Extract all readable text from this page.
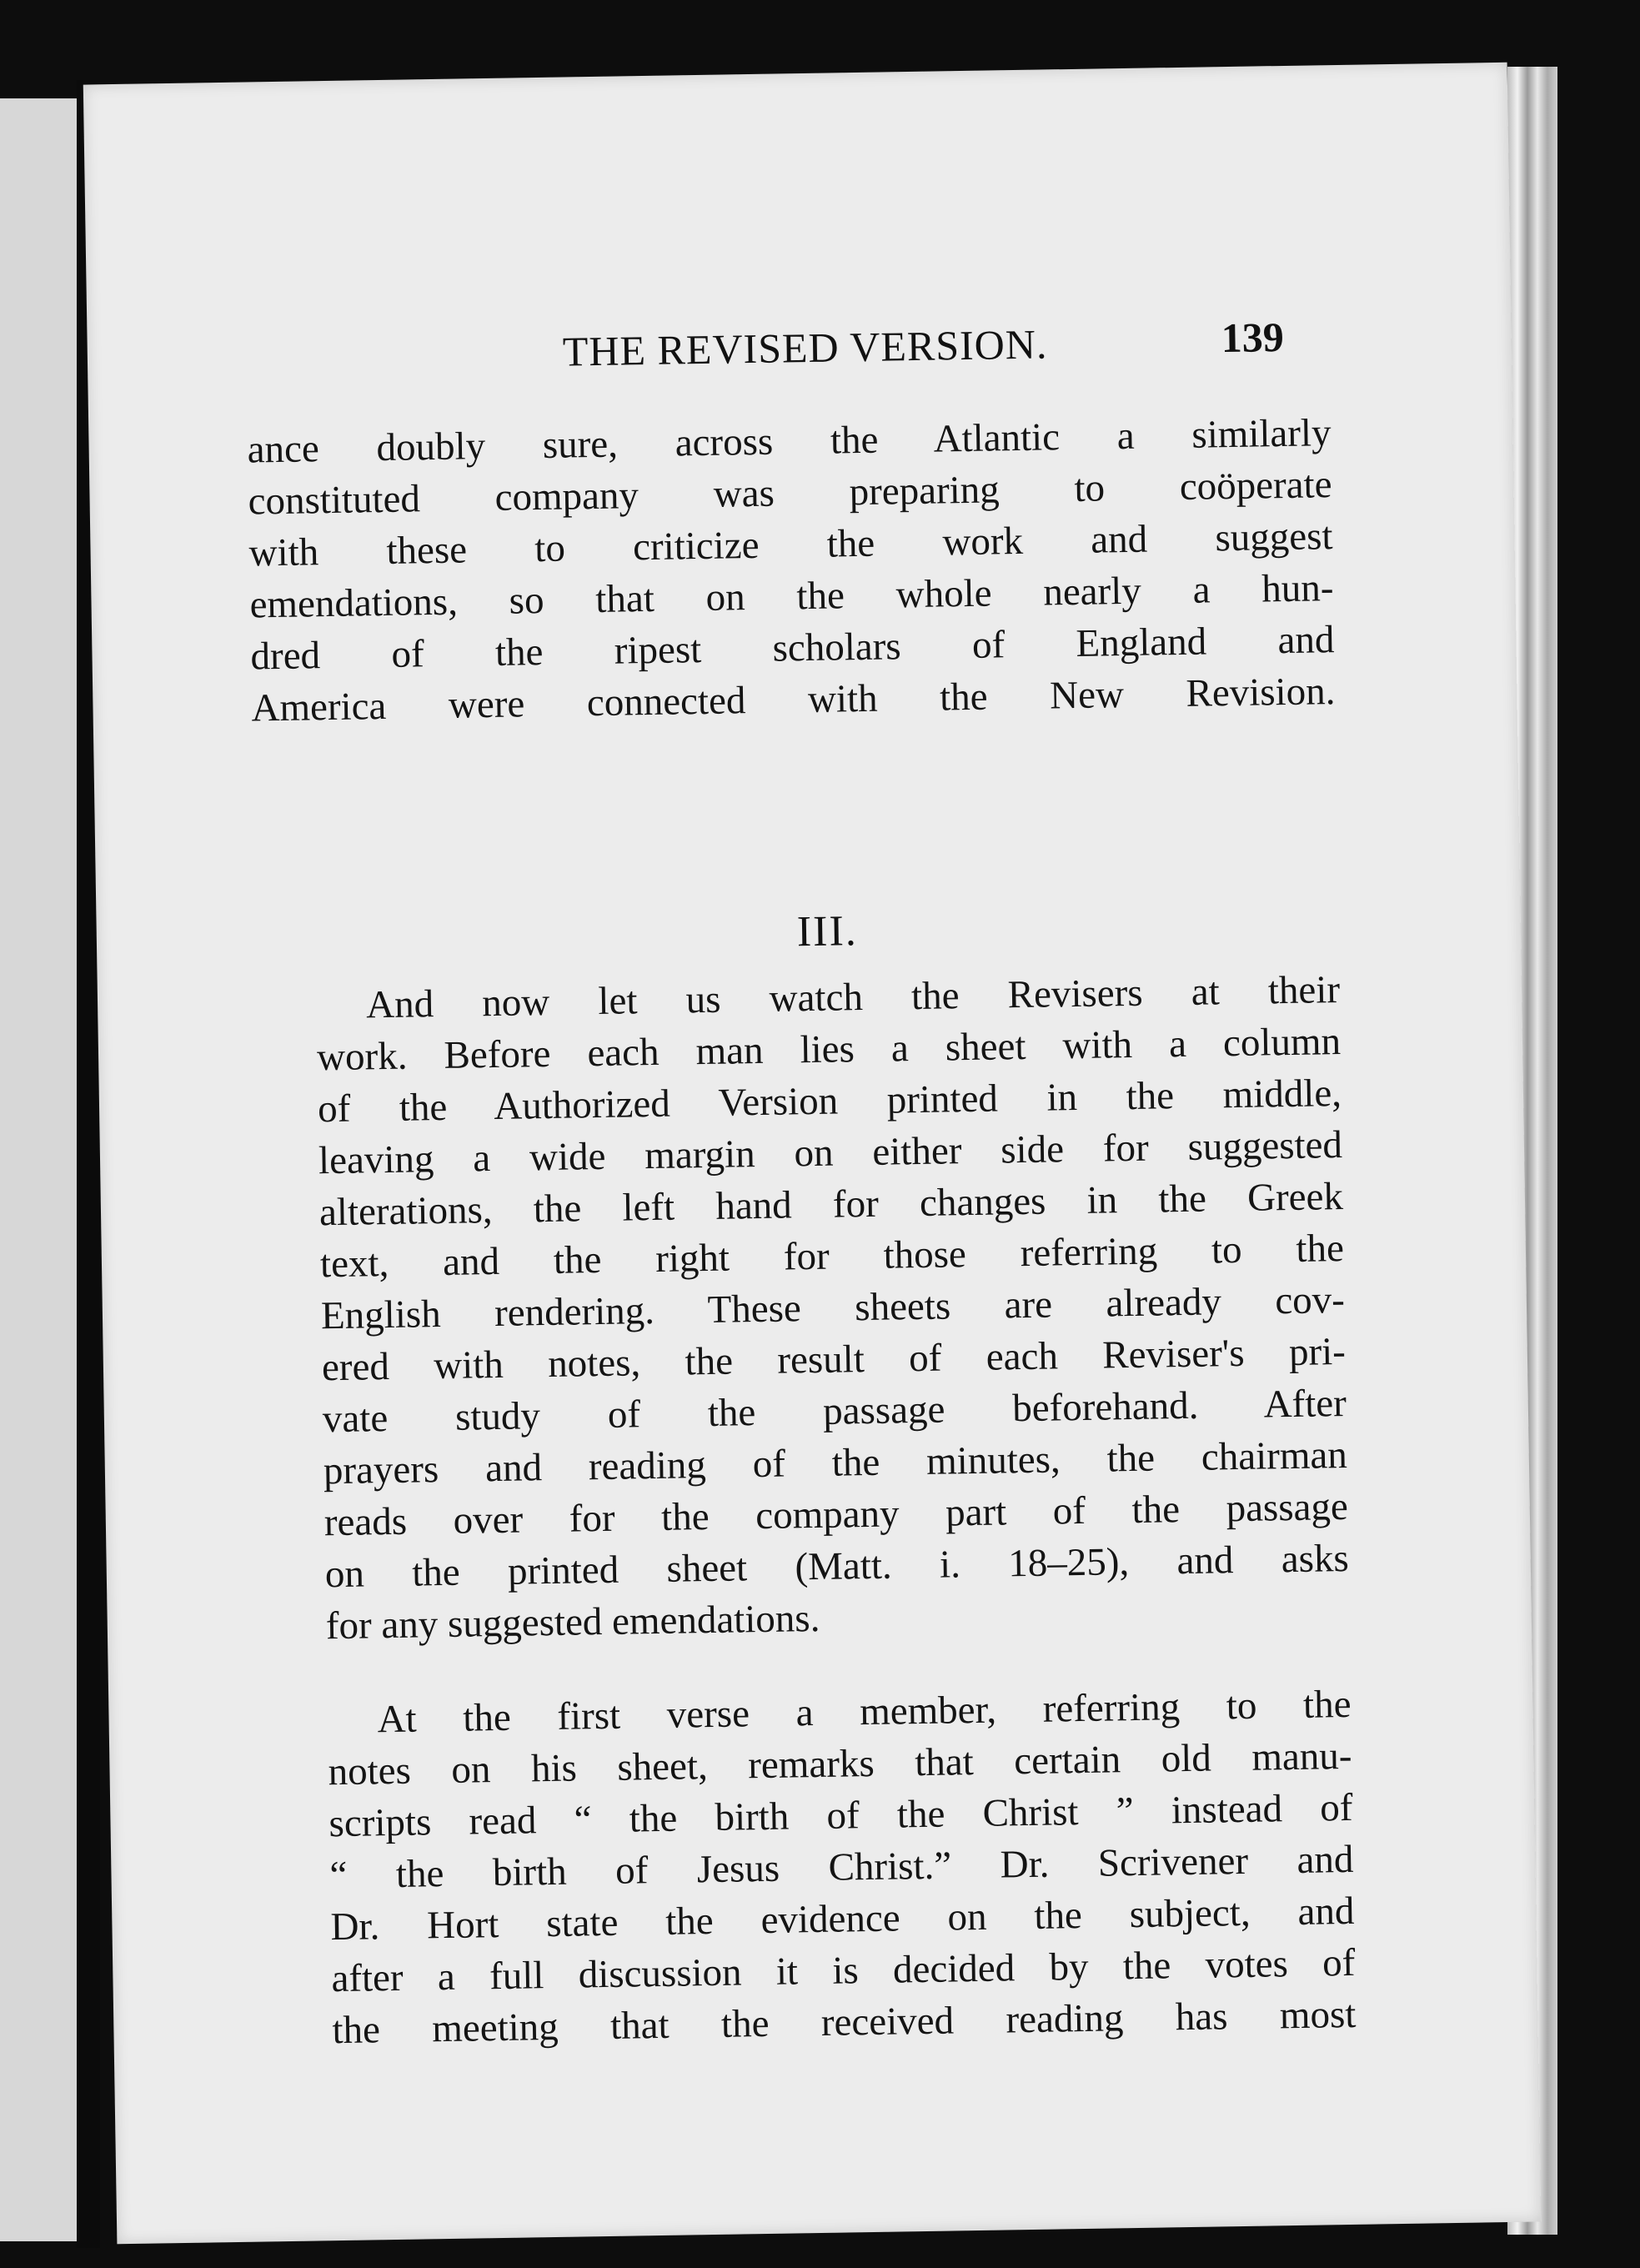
THE REVISED VERSION.	139
ance doubly sure, across the Atlantic a similarly
constituted company was preparing to coöperate
with these to criticize the work and suggest
emendations, so that on the whole nearly a hun-
dred of the ripest scholars of England and
America were connected with the New Revision.
III.
And now let us watch the Revisers at their
work. Before each man lies a sheet with a column
of the Authorized Version printed in the middle,
leaving a wide margin on either side for suggested
alterations, the left hand for changes in the Greek
text, and the right for those referring to the
English rendering. These sheets are already cov-
ered with notes, the result of each Reviser's pri-
vate study of the passage beforehand. After
prayers and reading of the minutes, the chairman
reads over for the company part of the passage
on the printed sheet (Matt. i. 18–25), and asks
for any suggested emendations.
At the first verse a member, referring to the
notes on his sheet, remarks that certain old manu-
scripts read “ the birth of the Christ ” instead of
“ the birth of Jesus Christ.” Dr. Scrivener and
Dr. Hort state the evidence on the subject, and
after a full discussion it is decided by the votes of
the meeting that the received reading has most
